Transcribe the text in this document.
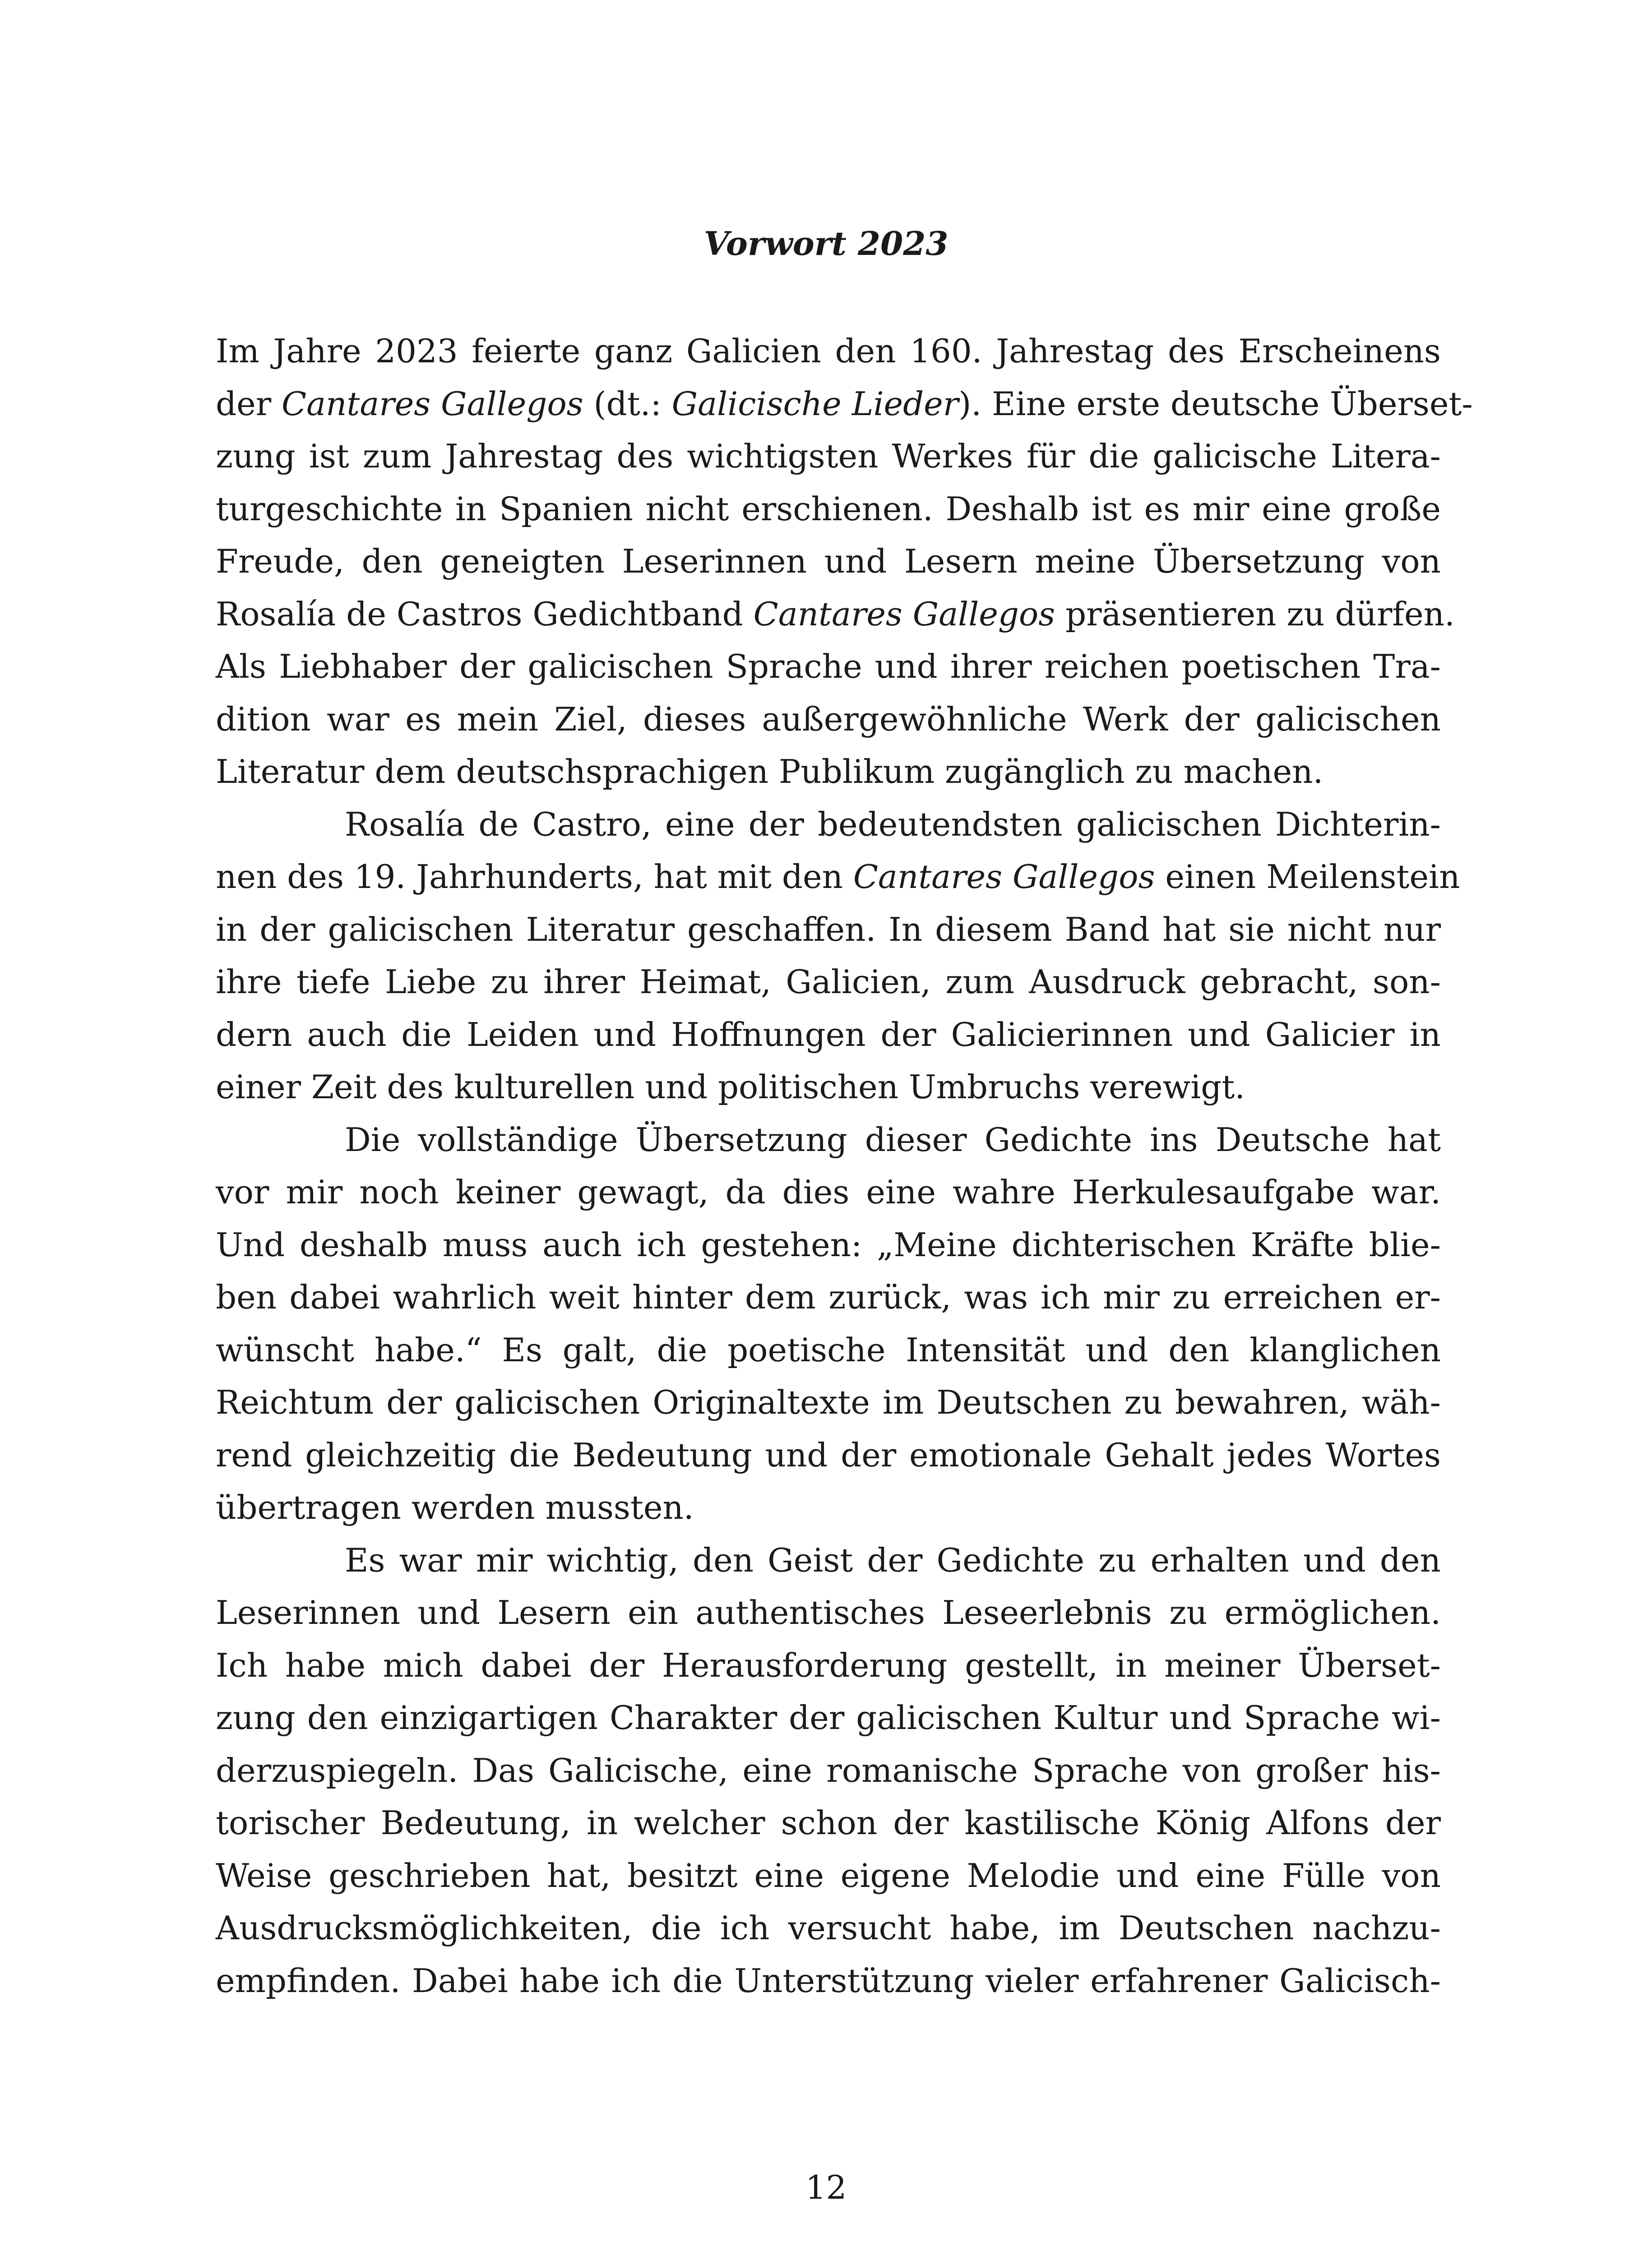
Vorwort 2023

Im Jahre 2023 feierte ganz Galicien den 160. Jahrestag des Erscheinens
der Cantares Gallegos (dt.: Galicische Lieder). Eine erste deutsche Überset-
zung ist zum Jahrestag des wichtigsten Werkes für die galicische Litera-
turgeschichte in Spanien nicht erschienen. Deshalb ist es mir eine große
Freude, den geneigten Leserinnen und Lesern meine Übersetzung von
Rosalía de Castros Gedichtband Cantares Gallegos präsentieren zu dürfen.
Als Liebhaber der galicischen Sprache und ihrer reichen poetischen Tra-
dition war es mein Ziel, dieses außergewöhnliche Werk der galicischen
Literatur dem deutschsprachigen Publikum zugänglich zu machen.

Rosalía de Castro, eine der bedeutendsten galicischen Dichterin-
nen des 19. Jahrhunderts, hat mit den Cantares Gallegos einen Meilenstein
in der galicischen Literatur geschaffen. In diesem Band hat sie nicht nur
ihre tiefe Liebe zu ihrer Heimat, Galicien, zum Ausdruck gebracht, son-
dern auch die Leiden und Hoffnungen der Galicierinnen und Galicier in
einer Zeit des kulturellen und politischen Umbruchs verewigt.

Die vollständige Übersetzung dieser Gedichte ins Deutsche hat
vor mir noch keiner gewagt, da dies eine wahre Herkulesaufgabe war.
Und deshalb muss auch ich gestehen: „Meine dichterischen Kräfte blie-
ben dabei wahrlich weit hinter dem zurück, was ich mir zu erreichen er-
wünscht habe.“ Es galt, die poetische Intensität und den klanglichen
Reichtum der galicischen Originaltexte im Deutschen zu bewahren, wäh-
rend gleichzeitig die Bedeutung und der emotionale Gehalt jedes Wortes
übertragen werden mussten.

Es war mir wichtig, den Geist der Gedichte zu erhalten und den
Leserinnen und Lesern ein authentisches Leseerlebnis zu ermöglichen.
Ich habe mich dabei der Herausforderung gestellt, in meiner Überset-
zung den einzigartigen Charakter der galicischen Kultur und Sprache wi-
derzuspiegeln. Das Galicische, eine romanische Sprache von großer his-
torischer Bedeutung, in welcher schon der kastilische König Alfons der
Weise geschrieben hat, besitzt eine eigene Melodie und eine Fülle von
Ausdrucksmöglichkeiten, die ich versucht habe, im Deutschen nachzu-
empfinden. Dabei habe ich die Unterstützung vieler erfahrener Galicisch-

12
